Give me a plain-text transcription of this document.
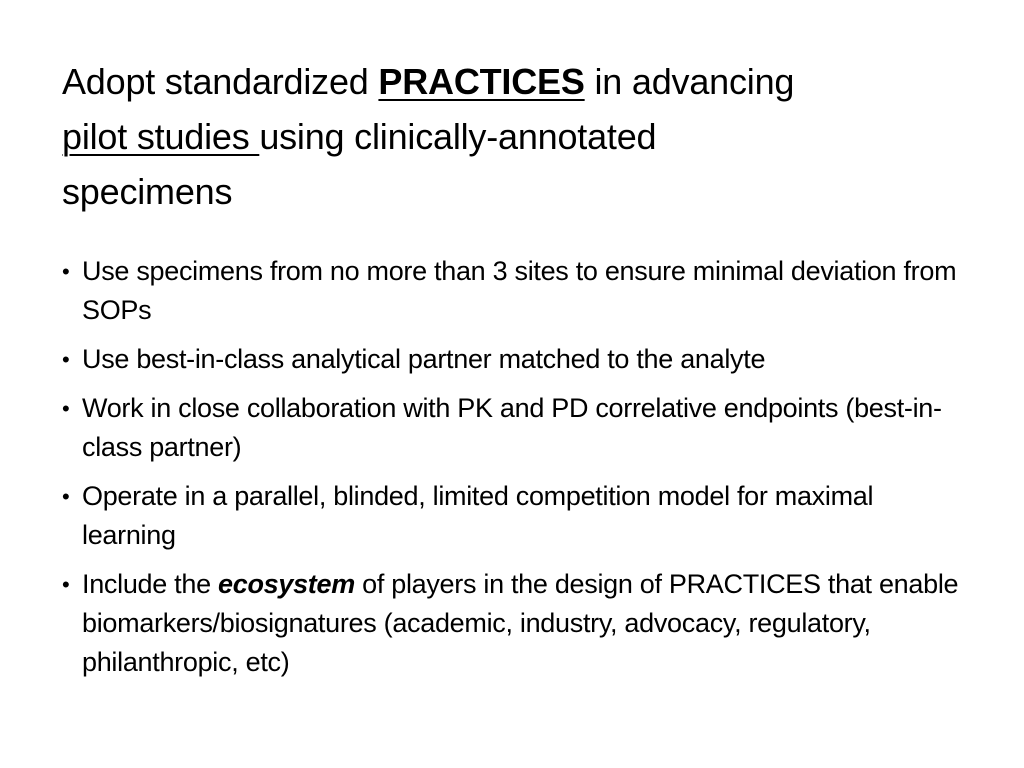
Adopt standardized PRACTICES in advancing
pilot studies using clinically-annotated
specimens
• Use specimens from no more than 3 sites to ensure minimal deviation from SOPs
• Use best-in-class analytical partner matched to the analyte
• Work in close collaboration with PK and PD correlative endpoints (best-in-class partner)
• Operate in a parallel, blinded, limited competition model for maximal learning
• Include the ecosystem of players in the design of PRACTICES that enable biomarkers/biosignatures (academic, industry, advocacy, regulatory, philanthropic, etc)
